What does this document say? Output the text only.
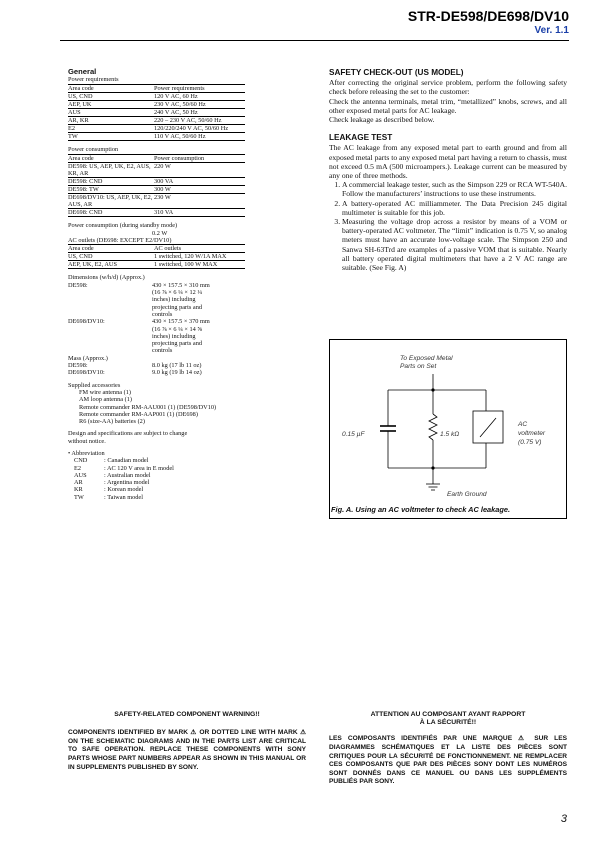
STR-DE598/DE698/DV10
Ver. 1.1
General
Power requirements
Area code	Power requirements
US, CND	120 V AC, 60 Hz
AEP, UK	230 V AC, 50/60 Hz
AUS	240 V AC, 50 Hz
AR, KR	220 – 230 V AC, 50/60 Hz
E2	120/220/240 V AC, 50/60 Hz
TW	110 V AC, 50/60 Hz
Power consumption
Area code	Power consumption
DE598: US, AEP, UK, E2, AUS, KR, AR	220 W
DE598: CND	300 VA
DE598: TW	300 W
DE698/DV10: US, AEP, UK, E2, AUS, AR	230 W
DE698: CND	310 VA
Power consumption (during standby mode)
0.2 W
AC outlets (DE698: EXCEPT E2/DV10)
Area code	AC outlets
US, CND	1 switched, 120 W/1A MAX
AEP, UK, E2, AUS	1 switched, 100 W MAX
Dimensions (w/h/d) (Approx.)
DE598:	430 × 157.5 × 310 mm
(16 ⅞ × 6 ¼ × 12 ¼
inches) including
projecting parts and
controls
DE698/DV10:	430 × 157.5 × 370 mm
(16 ⅞ × 6 ¼ × 14 ⅝
inches) including
projecting parts and
controls
Mass (Approx.)
DE598:	8.0 kg (17 lb 11 oz)
DE698/DV10:	9.0 kg (19 lb 14 oz)
Supplied accessories
FM wire antenna (1)
AM loop antenna (1)
Remote commander RM-AAU001 (1) (DE598/DV10)
Remote commander RM-AAP001 (1) (DE698)
R6 (size-AA) batteries (2)
Design and specifications are subject to change
without notice.
• Abbreviation
CND	: Canadian model
E2	: AC 120 V area in E model
AUS	: Australian model
AR	: Argentina model
KR	: Korean model
TW	: Taiwan model
SAFETY CHECK-OUT (US MODEL)

After correcting the original service problem, perform the following safety check before releasing the set to the customer:

Check the antenna terminals, metal trim, “metallized” knobs, screws, and all other exposed metal parts for AC leakage.

Check leakage as described below.

LEAKAGE TEST

The AC leakage from any exposed metal part to earth ground and from all exposed metal parts to any exposed metal part having a return to chassis, must not exceed 0.5 mA (500 microampers.). Leakage current can be measured by any one of three methods.

1. A commercial leakage tester, such as the Simpson 229 or RCA WT-540A. Follow the manufacturers’ instructions to use these instruments.
2. A battery-operated AC milliammeter. The Data Precision 245 digital multimeter is suitable for this job.
3. Measuring the voltage drop across a resistor by means of a VOM or battery-operated AC voltmeter. The “limit” indication is 0.75 V, so analog meters must have an accurate low-voltage scale. The Simpson 250 and Sanwa SH-63Trd are examples of a passive VOM that is suitable. Nearly all battery operated digital multimeters that have a 2 V AC range are suitable. (See Fig. A)
To Exposed Metal
Parts on Set
0.15 µF	1.5 kΩ
AC
voltmeter
(0.75 V)
Earth Ground
Fig. A. Using an AC voltmeter to check AC leakage.

SAFETY-RELATED COMPONENT WARNING!!

COMPONENTS IDENTIFIED BY MARK ⚠ OR DOTTED LINE WITH MARK ⚠ ON THE SCHEMATIC DIAGRAMS AND IN THE PARTS LIST ARE CRITICAL TO SAFE OPERATION. REPLACE THESE COMPONENTS WITH SONY PARTS WHOSE PART NUMBERS APPEAR AS SHOWN IN THIS MANUAL OR IN SUPPLEMENTS PUBLISHED BY SONY.

ATTENTION AU COMPOSANT AYANT RAPPORT

À LA SÉCURITÉ!!

LES COMPOSANTS IDENTIFIÉS PAR UNE MARQUE ⚠ SUR LES DIAGRAMMES SCHÉMATIQUES ET LA LISTE DES PIÈCES SONT CRITIQUES POUR LA SÉCURITÉ DE FONCTIONNEMENT. NE REMPLACER CES COMPOSANTS QUE PAR DES PIÈCES SONY DONT LES NUMÉROS SONT DONNÉS DANS CE MANUEL OU DANS LES SUPPLÉMENTS PUBLIÉS PAR SONY.

3
